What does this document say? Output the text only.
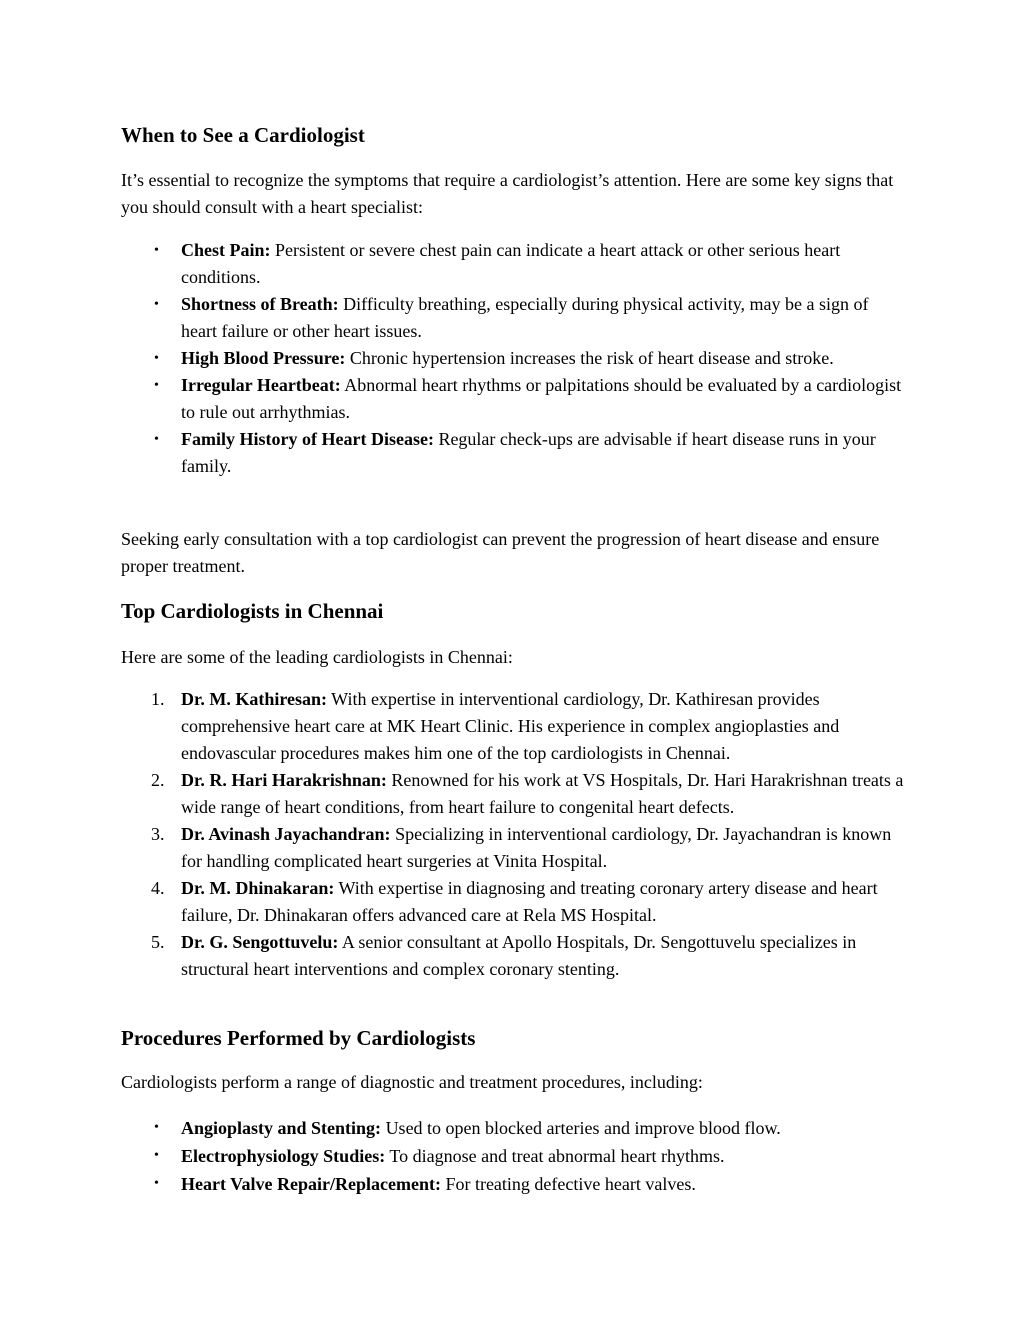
When to See a Cardiologist

It’s essential to recognize the symptoms that require a cardiologist’s attention. Here are some key signs that you should consult with a heart specialist:

•	Chest Pain: Persistent or severe chest pain can indicate a heart attack or other serious heart conditions.
•	Shortness of Breath: Difficulty breathing, especially during physical activity, may be a sign of heart failure or other heart issues.
•	High Blood Pressure: Chronic hypertension increases the risk of heart disease and stroke.
•	Irregular Heartbeat: Abnormal heart rhythms or palpitations should be evaluated by a cardiologist to rule out arrhythmias.
•	Family History of Heart Disease: Regular check-ups are advisable if heart disease runs in your family.

Seeking early consultation with a top cardiologist can prevent the progression of heart disease and ensure proper treatment.

Top Cardiologists in Chennai

Here are some of the leading cardiologists in Chennai:

1. Dr. M. Kathiresan: With expertise in interventional cardiology, Dr. Kathiresan provides comprehensive heart care at MK Heart Clinic. His experience in complex angioplasties and endovascular procedures makes him one of the top cardiologists in Chennai.
2. Dr. R. Hari Harakrishnan: Renowned for his work at VS Hospitals, Dr. Hari Harakrishnan treats a wide range of heart conditions, from heart failure to congenital heart defects.
3. Dr. Avinash Jayachandran: Specializing in interventional cardiology, Dr. Jayachandran is known for handling complicated heart surgeries at Vinita Hospital.
4. Dr. M. Dhinakaran: With expertise in diagnosing and treating coronary artery disease and heart failure, Dr. Dhinakaran offers advanced care at Rela MS Hospital.
5. Dr. G. Sengottuvelu: A senior consultant at Apollo Hospitals, Dr. Sengottuvelu specializes in structural heart interventions and complex coronary stenting.
Procedures Performed by Cardiologists

Cardiologists perform a range of diagnostic and treatment procedures, including:

•	Angioplasty and Stenting: Used to open blocked arteries and improve blood flow.
•	Electrophysiology Studies: To diagnose and treat abnormal heart rhythms.
•	Heart Valve Repair/Replacement: For treating defective heart valves.
